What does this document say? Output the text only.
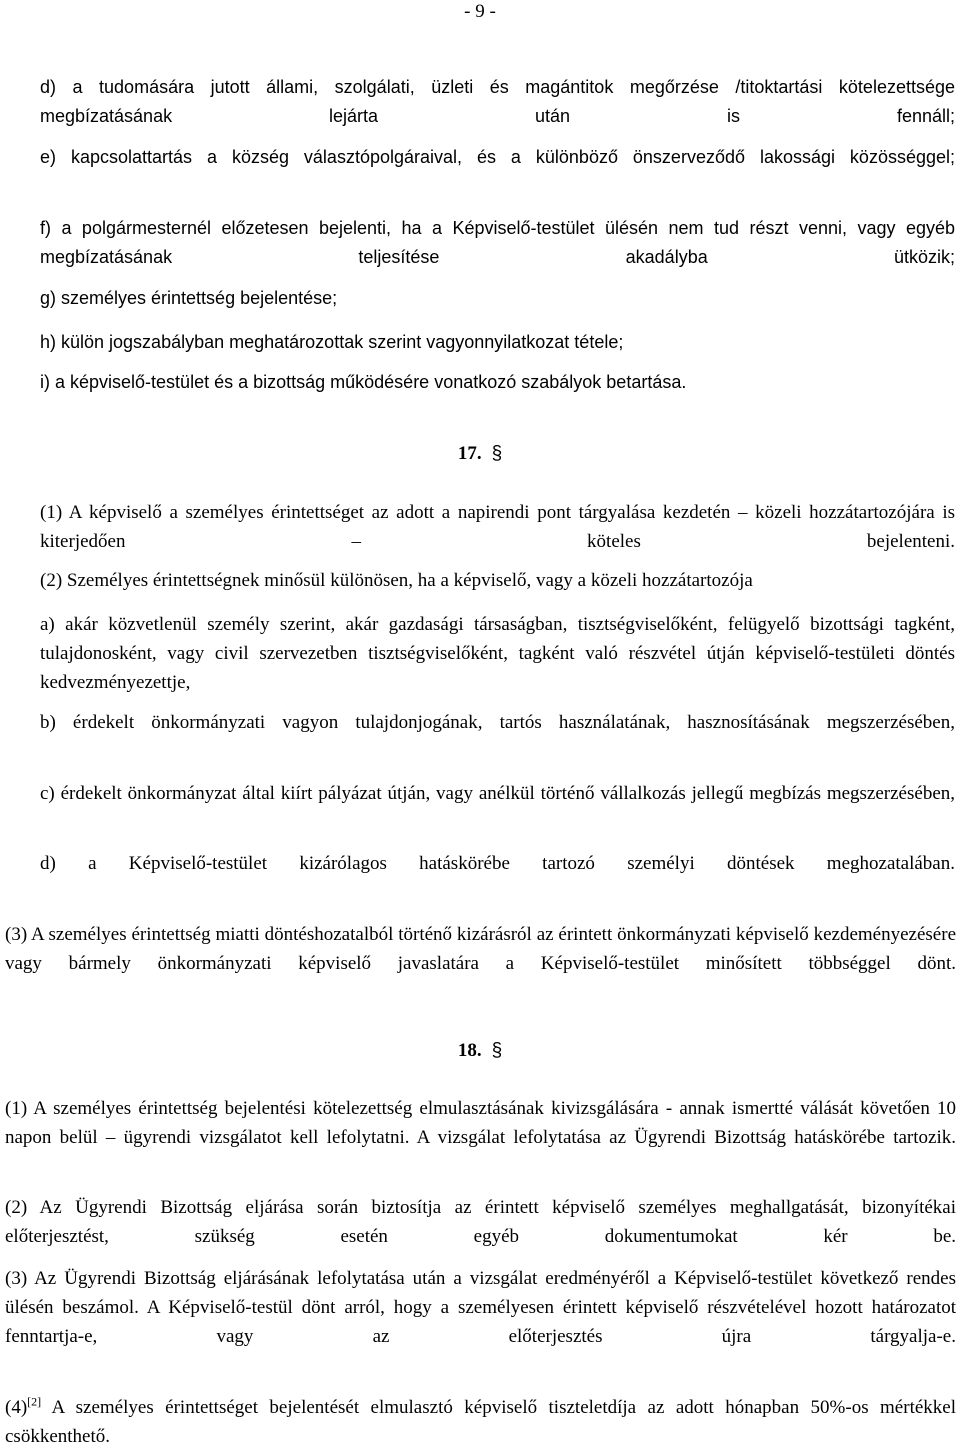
- 9 -

d) a tudomására jutott állami, szolgálati, üzleti és magántitok megőrzése /titoktartási kötelezettsége megbízatásának lejárta után is fennáll;

e) kapcsolattartás a község választópolgáraival, és a különböző önszerveződő lakossági közösséggel;

f) a polgármesternél előzetesen bejelenti, ha a Képviselő-testület ülésén nem tud részt venni, vagy egyéb megbízatásának teljesítése akadályba ütközik;

g) személyes érintettség bejelentése;

h) külön jogszabályban meghatározottak szerint vagyonnyilatkozat tétele;

i) a képviselő-testület és a bizottság működésére vonatkozó szabályok betartása.

17. §

(1) A képviselő a személyes érintettséget az adott a napirendi pont tárgyalása kezdetén – közeli hozzátartozójára is kiterjedően – köteles bejelenteni.

(2) Személyes érintettségnek minősül különösen, ha a képviselő, vagy a közeli hozzátartozója

a) akár közvetlenül személy szerint, akár gazdasági társaságban, tisztségviselőként, felügyelő bizottsági tagként, tulajdonosként, vagy civil szervezetben tisztségviselőként, tagként való részvétel útján képviselő-testületi döntés kedvezményezettje,

b) érdekelt önkormányzati vagyon tulajdonjogának, tartós használatának, hasznosításának megszerzésében,

c) érdekelt önkormányzat által kiírt pályázat útján, vagy anélkül történő vállalkozás jellegű megbízás megszerzésében,

d) a Képviselő-testület kizárólagos hatáskörébe tartozó személyi döntések meghozatalában.

(3) A személyes érintettség miatti döntéshozatalból történő kizárásról az érintett önkormányzati képviselő kezdeményezésére vagy bármely önkormányzati képviselő javaslatára a Képviselő-testület minősített többséggel dönt.

18. §

(1) A személyes érintettség bejelentési kötelezettség elmulasztásának kivizsgálására - annak ismertté válását követően 10 napon belül – ügyrendi vizsgálatot kell lefolytatni. A vizsgálat lefolytatása az Ügyrendi Bizottság hatáskörébe tartozik.

(2) Az Ügyrendi Bizottság eljárása során biztosítja az érintett képviselő személyes meghallgatását, bizonyítékai előterjesztést, szükség esetén egyéb dokumentumokat kér be.

(3) Az Ügyrendi Bizottság eljárásának lefolytatása után a vizsgálat eredményéről a Képviselő-testület következő rendes ülésén beszámol. A Képviselő-testül dönt arról, hogy a személyesen érintett képviselő részvételével hozott határozatot fenntartja-e, vagy az előterjesztés újra tárgyalja-e.

(4)[2] A személyes érintettséget bejelentését elmulasztó képviselő tiszteletdíja az adott hónapban 50%-os mértékkel csökkenthető.
